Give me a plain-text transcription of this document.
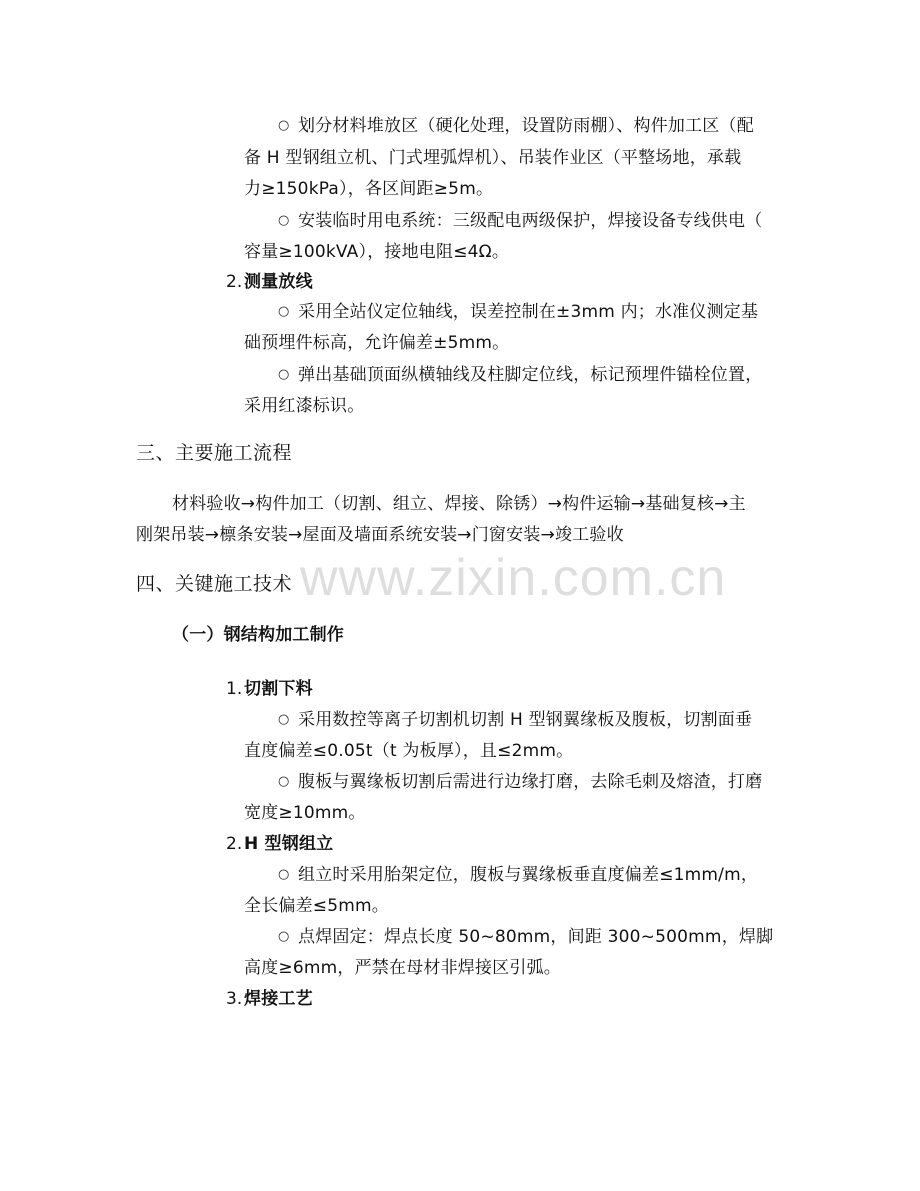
○ 划分材料堆放区（硬化处理，设置防雨棚）、构件加工区（配
备 H 型钢组立机、门式埋弧焊机）、吊装作业区（平整场地，承载
力≥150kPa），各区间距≥5m。
○ 安装临时用电系统：三级配电两级保护，焊接设备专线供电（
容量≥100kVA），接地电阻≤4Ω。
2. 测量放线
○ 采用全站仪定位轴线，误差控制在±3mm 内；水准仪测定基
础预埋件标高，允许偏差±5mm。
○ 弹出基础顶面纵横轴线及柱脚定位线，标记预埋件锚栓位置，
采用红漆标识。
三、主要施工流程
材料验收→构件加工（切割、组立、焊接、除锈）→构件运输→基础复核→主
刚架吊装→檩条安装→屋面及墙面系统安装→门窗安装→竣工验收
www.zixin.com.cn
四、关键施工技术
（一）钢结构加工制作
1. 切割下料
○ 采用数控等离子切割机切割 H 型钢翼缘板及腹板，切割面垂
直度偏差≤0.05t（t 为板厚），且≤2mm。
○ 腹板与翼缘板切割后需进行边缘打磨，去除毛刺及熔渣，打磨
宽度≥10mm。
2. H 型钢组立
○ 组立时采用胎架定位，腹板与翼缘板垂直度偏差≤1mm/m，
全长偏差≤5mm。
○ 点焊固定：焊点长度 50~80mm，间距 300~500mm，焊脚
高度≥6mm，严禁在母材非焊接区引弧。
3. 焊接工艺
